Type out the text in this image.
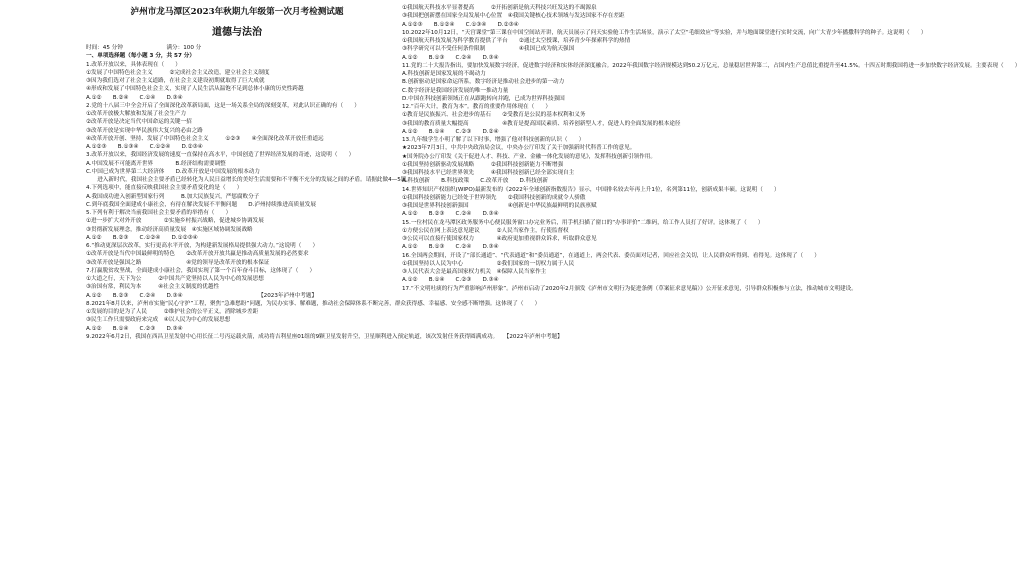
泸州市龙马潭区2023年秋期九年级第一次月考检测试题
道德与法治
时间：45 分钟	满分：100 分
一、单项选择题（每小题 3 分，共 57 分）
1.改革开放以来，具体表现在（　　）
①发展了中国特色社会主义　　　②完成社会主义改造，建立社会主义制度
③因为我们选对了社会主义道路，在社会主义建设初期就取得了巨大成就
④形成和发展了中国特色社会主义，实现了人民生活从温饱不足到总体小康的历史性跨越
A.①②　　B.②④　　C.①④　　D.③④
2.党的十八届三中全会开启了全面深化改革新局面，这是一场关系全局的深刻变革，对此认识正确的有（　　）
①改革开放极大解放和发展了社会生产力
②改革开放是决定当代中国命运的关键一招
③改革开放是实现中华民族伟大复兴的必由之路
④改革开放开创、坚持、发展了中国特色社会主义　　　①②③　　④全面深化改革开放任重道远
A.①②③　　B.①③④　　C.①②④　　D.②③④
3.改革开放以来，我国经济发展的速度一直保持在高水平，中国创造了世界经济发展的奇迹，这说明（　　）
A.中国发展不可能离开世界　　　　B.经济结构需要调整
C.中国已成为世界第二大经济体　　D.改革开放是中国发展的根本动力
　　进入新时代，我国社会主要矛盾已经转化为人民日益增长的美好生活需要和不平衡不充分的发展之间的矛盾。请据此做4—5题。
4.下列选项中，能直接反映我国社会主要矛盾变化的是（　　）
A.我国成功进入创新型国家行列　　　B.加大民族复兴，严惩腐败分子
C.到年底我国全面建成小康社会，有待在解决发展不平衡问题　　D.泸州持续推进高质量发展
5.下列有利于解决当前我国社会主要矛盾的举措有（　　）
①进一步扩大对外开放　　　　②实施乡村振兴战略，促进城乡协调发展
③贯彻新发展理念，推动经济高质量发展　④实施区域协调发展战略
A.①②　　B.②③　　C.①②④　　D.①②③④
6.“推动更深层次改革，实行更高水平开放，为构建新发展格局提供强大动力。”这说明（　　）
①改革开放是当代中国最鲜明的特色　　②改革开放开放共赢是推动高质量发展的必然要求
③改革开放是强国之路　　　　　　　　④党的领导是改革开放的根本保证
7.打赢脱贫攻坚战，全面建成小康社会，我国实现了第一个百年奋斗目标，这体现了（　　）
①大道之行，天下为公　　　②中国共产党坚持以人民为中心的发展思想
③治国有常，利民为本　　　④社会主义制度的优越性
A.①②　　B.②③　　C.②④　　D.③④　　　　　　　　　　　　　　【2023年泸州中考题】
8.2021年8月以来，泸州市实施“民心守护”工程，聚焦“急难愁盼”问题，为民办实事、解难题，推动社会保障体系不断完善，群众获得感、幸福感、安全感不断增强。这体现了（　　）
①发展的目的是为了人民　　　②维护社会的公平正义，消除城乡差距
③民生工作只需要政府来完成　④以人民为中心的发展思想
A.①②　　B.①④　　C.②③　　D.③④
9.2022年6月2日，我国在西昌卫星发射中心用长征二号丙运载火箭，成功将吉利星座01组的9颗卫星发射升空，卫星顺利进入预定轨道，该次发射任务获得圆满成功。　　【2022年泸州中考题】
①我国航天科技水平显著提高　　　②开拓创新是航天科技兴旺发达的不竭源泉
③我国把创新摆在国家全局发展中心位置　④我国关键核心技术领域与发达国家不存在差距
A.①②③　　B.①②④　　C.①③④　　D.②③④
10.2022年10月12日，“天宫课堂”第三课在中国空间站开讲，航天员展示了问天实验舱工作生活场景，演示了太空“毛细效应”等实验，并与地面课堂进行实时交流，向广大青少年播撒科学的种子。这说明（　　）
①我国航天科技发展为科学教育提供了平台　　②通过太空授课，培养青少年探索科学的热情
③科学研究可以不受任何条件限制　　　　　　④我国已成为航天强国
A.①②　　B.①③　　C.②④　　D.③④
11.党的二十大报告指出，要加快发展数字经济，促进数字经济和实体经济深度融合。2022年我国数字经济规模达到50.2万亿元，总量稳居世界第二，占国内生产总值比重提升至41.5%。十四五时期我国将进一步加快数字经济发展。主要表现（　　）
A.科技创新是国家发展的不竭动力
B.创新驱动是国家命运所系，数字经济是推动社会进步的第一动力
C.数字经济是我国经济发展的唯一推动力量
D.中国在科技创新领域正在从跟跑转向并跑，已成为世界科技强国
12.“百年大计，教育为本”。教育的重要作用体现在（　　）
①教育是民族振兴、社会进步的基石　　②受教育是公民的基本权利和义务
③我国的教育质量大幅提高　　　　　　④教育是提高国民素质、培养创新型人才，促进人的全面发展的根本途径
A.①②　　B.①④　　C.②③　　D.②④
13.九年级学生小明了解了以下时事，增强了他对科技创新的认识（　　）
★2023年7月3日，中共中央政治局会议，中央办公厅印发了关于加强新时代科普工作的意见。
★国务院办公厅印发《关于促进人才、科技、产业、金融一体化发展的意见》，发挥科技创新引领作用。
①我国坚持创新驱动发展战略　　　②我国科技创新能力不断增强
③我国科技水平已经世界领先　　　④我国科技创新已经全部实现自主
A.科技创新　　B.科技政策　　C.改革开放　　D.科技创新
14.世界知识产权组织(WIPO)最新发布的《2022年全球创新指数报告》显示，中国排名较去年再上升1位，名列第11位，创新成果丰硕。这说明（　　）
①我国科技创新能力已经处于世界领先　　②我国科技创新的成就令人骄傲
③我国是世界科技创新强国　　　　　　　④创新是中华民族最鲜明的民族禀赋
A.①②　　B.②③　　C.②④　　D.③④
15.一位村民在龙马潭区政务服务中心便民服务窗口办完业务后，用手机扫描了窗口的“办事评价”二维码，给工作人员打了好评。这体现了（　　）
①方便公民在网上表达意见建议　　　②人民当家作主，行使监督权
③公民可以直接行使国家权力　　　　④政府更加重视群众诉求，听取群众意见
A.①②　　B.①③　　C.②④　　D.③④
16.全国两会期间，开设了“部长通道”、“代表通道”和“委员通道”，在通道上，两会代表、委员面对记者，回应社会关切，让人民群众听得到、看得见。这体现了（　　）
①我国坚持以人民为中心　　　　　　②我们国家的一切权力属于人民
③人民代表大会是最高国家权力机关　④保障人民当家作主
A.①②　　B.①④　　C.②③　　D.③④
17.“不文明吐痰的行为严重影响泸州形象”。泸州市启动了2020年2月颁发《泸州市文明行为促进条例（草案征求意见稿）》公开征求意见，引导群众积极参与立法，推动城市文明建设。
